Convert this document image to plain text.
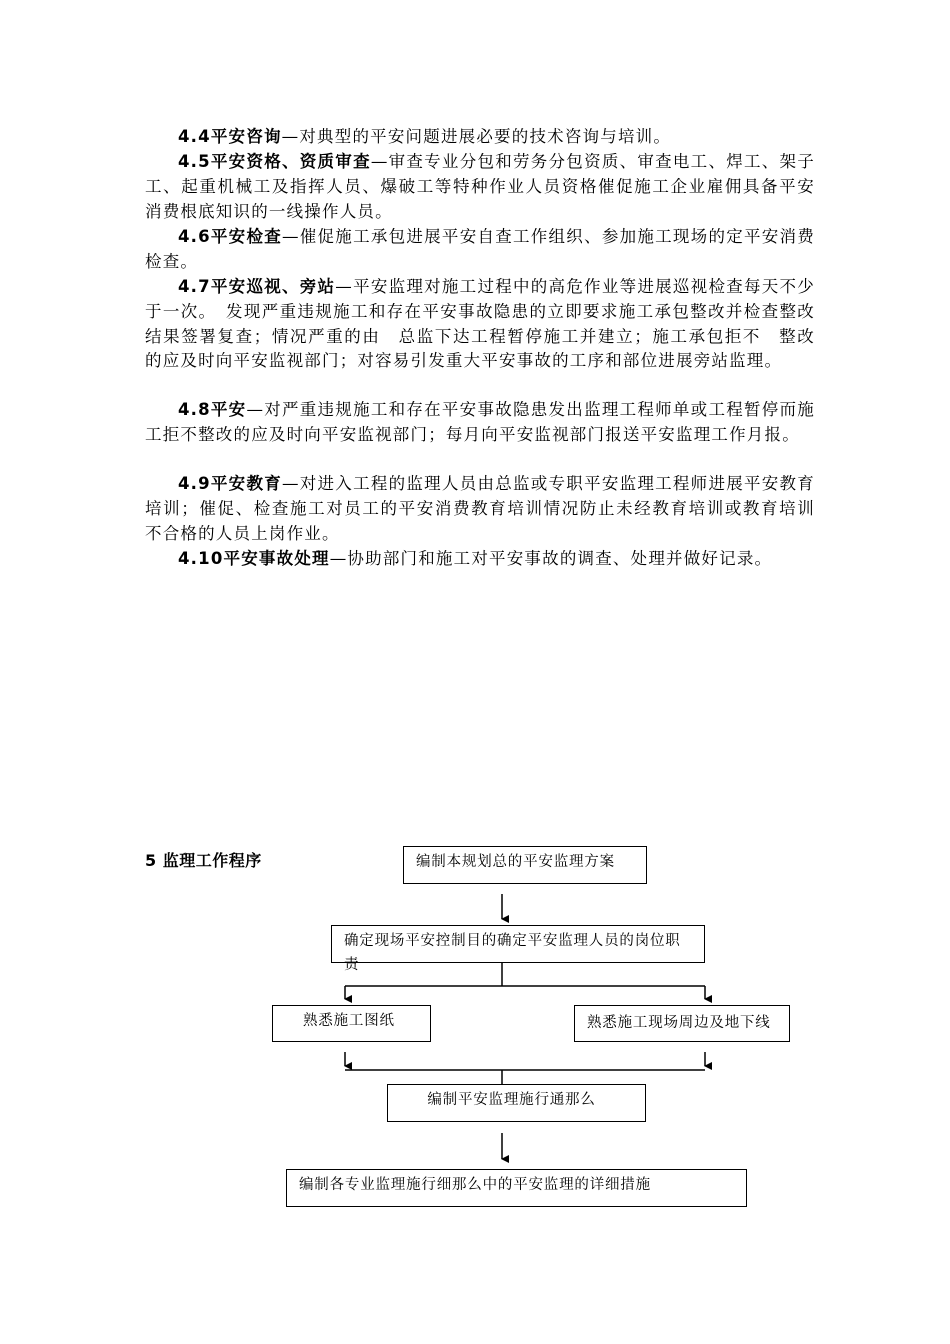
4.4平安咨询—对典型的平安问题进展必要的技术咨询与培训。

4.5平安资格、资质审查—审查专业分包和劳务分包资质、审查电工、焊工、架子工、起重机械工及指挥人员、爆破工等特种作业人员资格催促施工企业雇佣具备平安消费根底知识的一线操作人员。

4.6平安检查—催促施工承包进展平安自查工作组织、参加施工现场的定平安消费检查。

4.7平安巡视、旁站—平安监理对施工过程中的高危作业等进展巡视检查每天不少于一次。　发现严重违规施工和存在平安事故隐患的立即要求施工承包整改并检查整改结果签署复查；情况严重的由　总监下达工程暂停施工并建立；施工承包拒不　整改的应及时向平安监视部门；对容易引发重大平安事故的工序和部位进展旁站监理。

4.8平安—对严重违规施工和存在平安事故隐患发出监理工程师单或工程暂停而施工拒不整改的应及时向平安监视部门；每月向平安监视部门报送平安监理工作月报。

4.9平安教育—对进入工程的监理人员由总监或专职平安监理工程师进展平安教育培训；催促、检查施工对员工的平安消费教育培训情况防止未经教育培训或教育培训不合格的人员上岗作业。

4.10平安事故处理—协助部门和施工对平安事故的调查、处理并做好记录。

5 监理工作程序	编制本规划总的平安监理方案
确定现场平安控制目的确定平安监理人员的岗位职责
熟悉施工图纸	熟悉施工现场周边及地下线
编制平安监理施行通那么
编制各专业监理施行细那么中的平安监理的详细措施
